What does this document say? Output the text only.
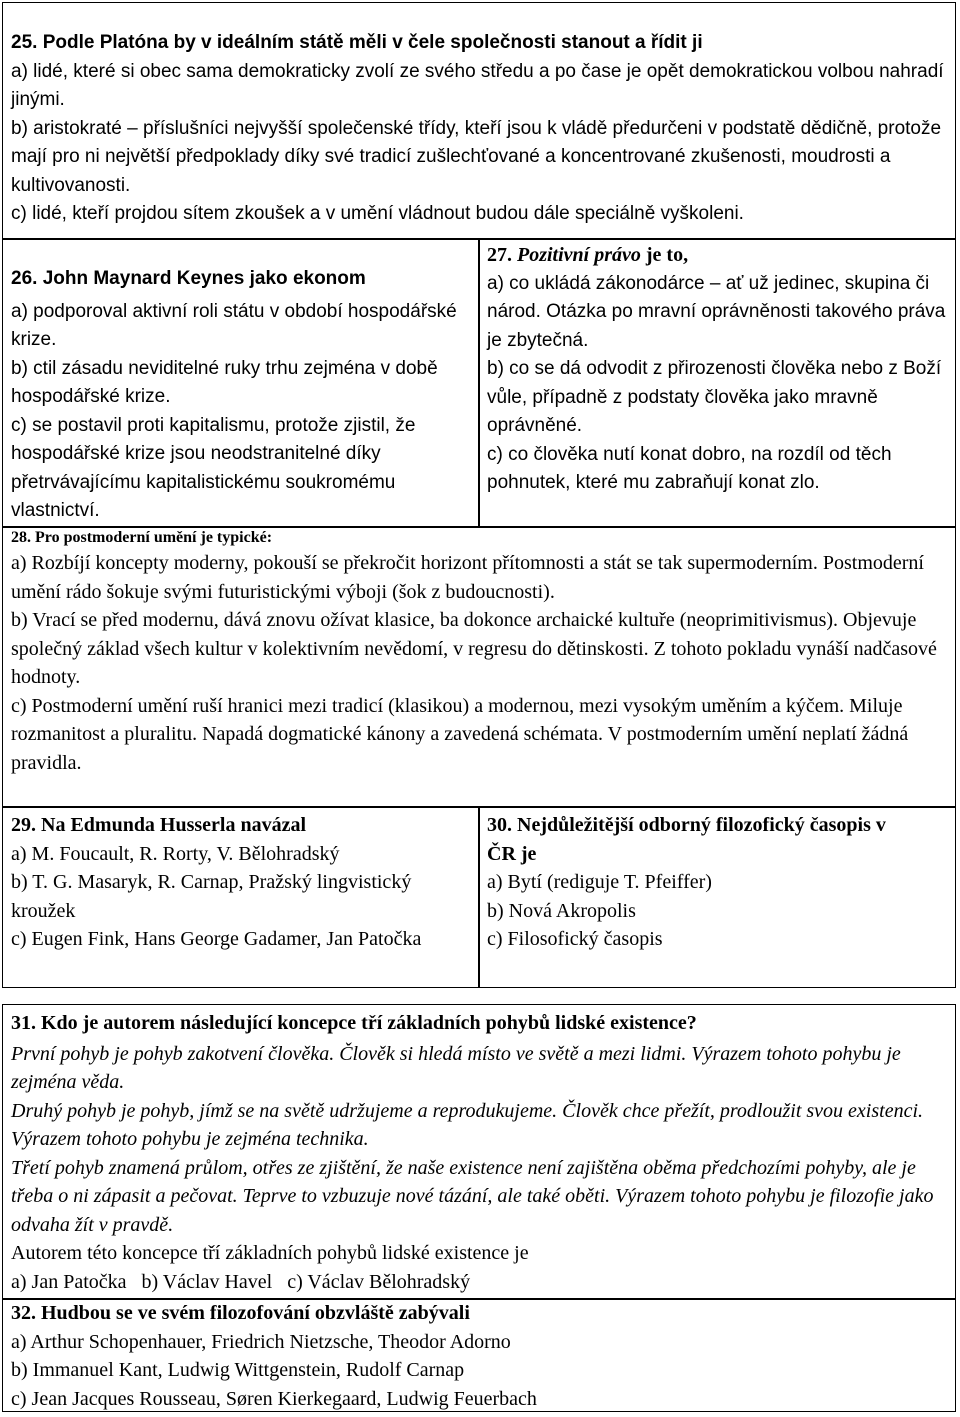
25. Podle Platóna by v ideálním státě měli v čele společnosti stanout a řídit ji
a) lidé, které si obec sama demokraticky zvolí ze svého středu a po čase je opět demokratickou volbou nahradí jinými.
b) aristokraté – příslušníci nejvyšší společenské třídy, kteří jsou k vládě předurčeni v podstatě dědičně, protože mají pro ni největší předpoklady díky své tradicí zušlechťované a koncentrované zkušenosti, moudrosti a kultivovanosti.
c) lidé, kteří projdou sítem zkoušek a v umění vládnout budou dále speciálně vyškoleni.
26. John Maynard Keynes jako ekonom
a) podporoval aktivní roli státu v období hospodářské krize.
b) ctil zásadu neviditelné ruky trhu zejména v době hospodářské krize.
c) se postavil proti kapitalismu, protože zjistil, že hospodářské krize jsou neodstranitelné díky přetrvávajícímu kapitalistickému soukromému vlastnictví.
27. Pozitivní právo je to,
a) co ukládá zákonodárce – ať už jedinec, skupina či národ. Otázka po mravní oprávněnosti takového práva je zbytečná.
b) co se dá odvodit z přirozenosti člověka nebo z Boží vůle, případně z podstaty člověka jako mravně oprávněné.
c) co člověka nutí konat dobro, na rozdíl od těch pohnutek, které mu zabraňují konat zlo.
28. Pro postmoderní umění je typické:
a) Rozbíjí koncepty moderny, pokouší se překročit horizont přítomnosti a stát se tak supermoderním. Postmoderní umění rádo šokuje svými futuristickými výboji (šok z budoucnosti).
b) Vrací se před modernu, dává znovu ožívat klasice, ba dokonce archaické kultuře (neoprimitivismus). Objevuje společný základ všech kultur v kolektivním nevědomí, v regresu do dětinskosti. Z tohoto pokladu vynáší nadčasové hodnoty.
c) Postmoderní umění ruší hranici mezi tradicí (klasikou) a modernou, mezi vysokým uměním a kýčem. Miluje rozmanitost a pluralitu. Napadá dogmatické kánony a zavedená schémata. V postmoderním umění neplatí žádná pravidla.
29. Na Edmunda Husserla navázal
a) M. Foucault, R. Rorty, V. Bělohradský
b) T. G. Masaryk, R. Carnap, Pražský lingvistický kroužek
c) Eugen Fink, Hans George Gadamer, Jan Patočka
30. Nejdůležitější odborný filozofický časopis v ČR je
a) Bytí (rediguje T. Pfeiffer)
b) Nová Akropolis
c) Filosofický časopis
31. Kdo je autorem následující koncepce tří základních pohybů lidské existence?
První pohyb je pohyb zakotvení člověka. Člověk si hledá místo ve světě a mezi lidmi. Výrazem tohoto pohybu je zejména věda.
Druhý pohyb je pohyb, jímž se na světě udržujeme a reprodukujeme. Člověk chce přežít, prodloužit svou existenci. Výrazem tohoto pohybu je zejména technika.
Třetí pohyb znamená průlom, otřes ze zjištění, že naše existence není zajištěna oběma předchozími pohyby, ale je třeba o ni zápasit a pečovat. Teprve to vzbuzuje nové tázání, ale také oběti. Výrazem tohoto pohybu je filozofie jako odvaha žít v pravdě.
Autorem této koncepce tří základních pohybů lidské existence je
a) Jan Patočka   b) Václav Havel   c) Václav Bělohradský
32. Hudbou se ve svém filozofování obzvláště zabývali
a) Arthur Schopenhauer, Friedrich Nietzsche, Theodor Adorno
b) Immanuel Kant, Ludwig Wittgenstein, Rudolf Carnap
c) Jean Jacques Rousseau, Søren Kierkegaard, Ludwig Feuerbach
